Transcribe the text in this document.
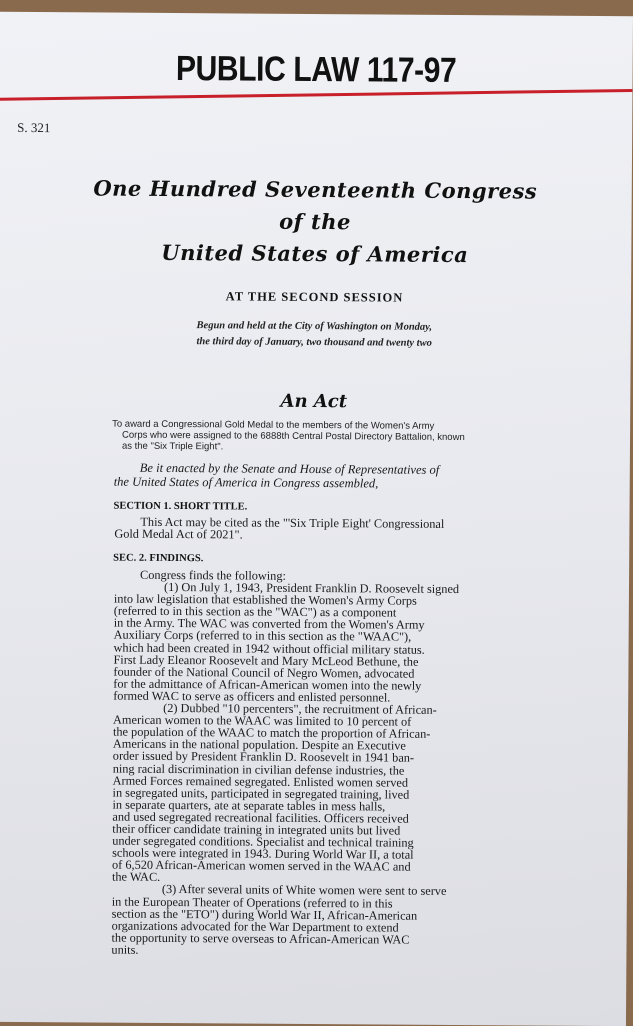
PUBLIC LAW 117-97
S. 321
One Hundred Seventeenth Congress
of the
United States of America
AT THE SECOND SESSION
Begun and held at the City of Washington on Monday,
the third day of January, two thousand and twenty two
An Act
To award a Congressional Gold Medal to the members of the Women's Army
Corps who were assigned to the 6888th Central Postal Directory Battalion, known
as the "Six Triple Eight".
Be it enacted by the Senate and House of Representatives of
the United States of America in Congress assembled,
SECTION 1. SHORT TITLE.
This Act may be cited as the "'Six Triple Eight' Congressional
Gold Medal Act of 2021".
SEC. 2. FINDINGS.
Congress finds the following:
(1) On July 1, 1943, President Franklin D. Roosevelt signed
into law legislation that established the Women's Army Corps
(referred to in this section as the "WAC") as a component
in the Army. The WAC was converted from the Women's Army
Auxiliary Corps (referred to in this section as the "WAAC"),
which had been created in 1942 without official military status.
First Lady Eleanor Roosevelt and Mary McLeod Bethune, the
founder of the National Council of Negro Women, advocated
for the admittance of African-American women into the newly
formed WAC to serve as officers and enlisted personnel.
(2) Dubbed "10 percenters", the recruitment of African-
American women to the WAAC was limited to 10 percent of
the population of the WAAC to match the proportion of African-
Americans in the national population. Despite an Executive
order issued by President Franklin D. Roosevelt in 1941 ban-
ning racial discrimination in civilian defense industries, the
Armed Forces remained segregated. Enlisted women served
in segregated units, participated in segregated training, lived
in separate quarters, ate at separate tables in mess halls,
and used segregated recreational facilities. Officers received
their officer candidate training in integrated units but lived
under segregated conditions. Specialist and technical training
schools were integrated in 1943. During World War II, a total
of 6,520 African-American women served in the WAAC and
the WAC.
(3) After several units of White women were sent to serve
in the European Theater of Operations (referred to in this
section as the "ETO") during World War II, African-American
organizations advocated for the War Department to extend
the opportunity to serve overseas to African-American WAC
units.
